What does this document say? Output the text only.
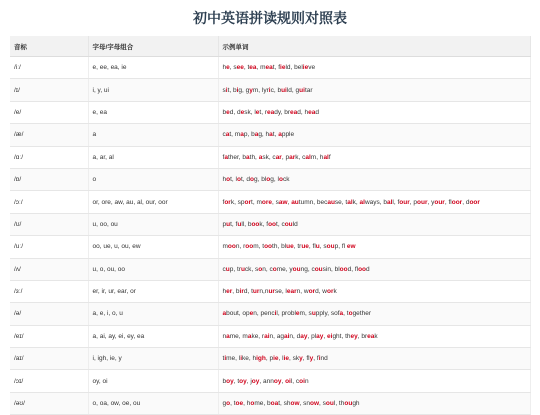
初中英语拼读规则对照表
音标	字母/字母组合	示例单词
/iː/	e, ee, ea, ie	he, see, tea, meat, field, believe
/ɪ/	i, y, ui	sit, big, gym, lyric, build, guitar
/e/	e, ea	bed, desk, let, ready, bread, head
/æ/	a	cat, map, bag, hat, apple
/ɑː/	a, ar, al	father, bath, ask, car, park, calm, half
/ɒ/	o	hot, lot, dog, blog, lock
/ɔː/	or, ore, aw, au, al, our, oor	fork, sport, more, saw, autumn, because, talk, always, ball, four, pour, your, floor, door
/ʊ/	u, oo, ou	put, full, book, foot, could
/uː/	oo, ue, u, ou, ew	moon, room, tooth, blue, true, flu, soup, fl ew
/ʌ/	u, o, ou, oo	cup, truck, son, come, young, cousin, blood, flood
/ɜː/	er, ir, ur, ear, or	her, bird, turn,nurse, learn, word, work
/ə/	a, e, i, o, u	about, open, pencil, problem, supply, sofa, together
/eɪ/	a, ai, ay, ei, ey, ea	name, make, rain, again, day, play, eight, they, break
/aɪ/	i, igh, ie, y	time, like, high, pie, lie, sky, fly, find
/ɔɪ/	oy, oi	boy, toy, joy, annoy, oil, coin
/əʊ/	o, oa, ow, oe, ou	go, toe, home, boat, show, snow, soul, though
